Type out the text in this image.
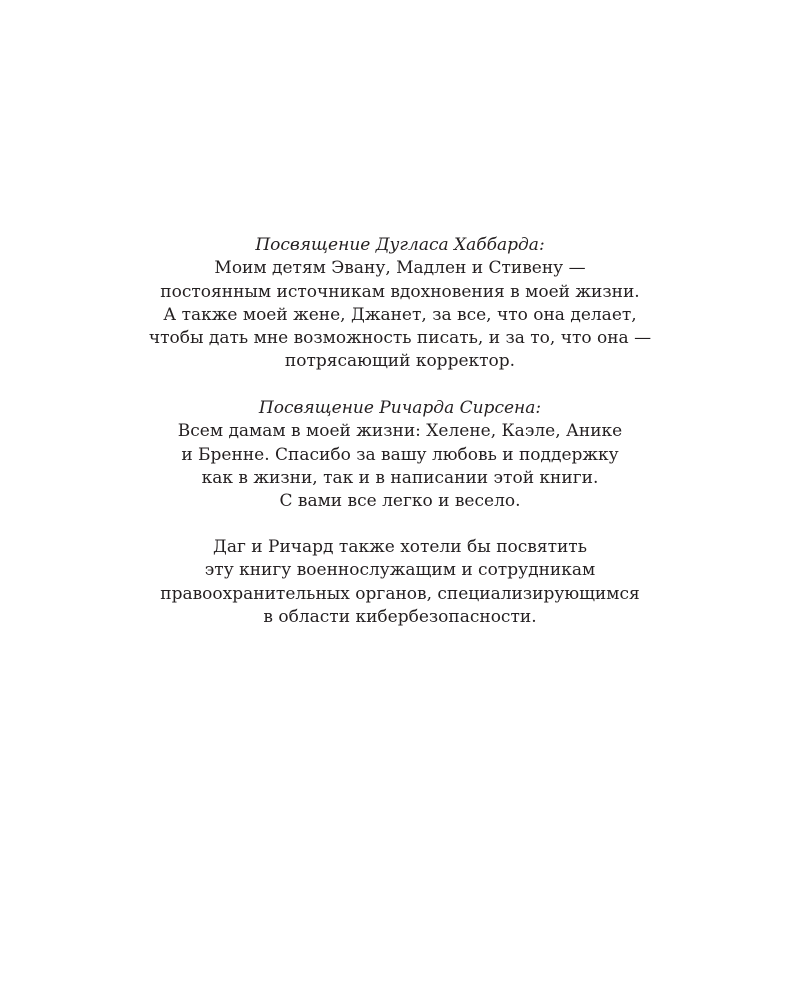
Посвящение Дугласа Хаббарда:
Моим детям Эвану, Мадлен и Стивену —
постоянным источникам вдохновения в моей жизни.
А также моей жене, Джанет, за все, что она делает,
чтобы дать мне возможность писать, и за то, что она —
потрясающий корректор.
Посвящение Ричарда Сирсена:
Всем дамам в моей жизни: Хелене, Каэле, Анике
и Бренне. Спасибо за вашу любовь и поддержку
как в жизни, так и в написании этой книги.
С вами все легко и весело.
Даг и Ричард также хотели бы посвятить
эту книгу военнослужащим и сотрудникам
правоохранительных органов, специализирующимся
в области кибербезопасности.
